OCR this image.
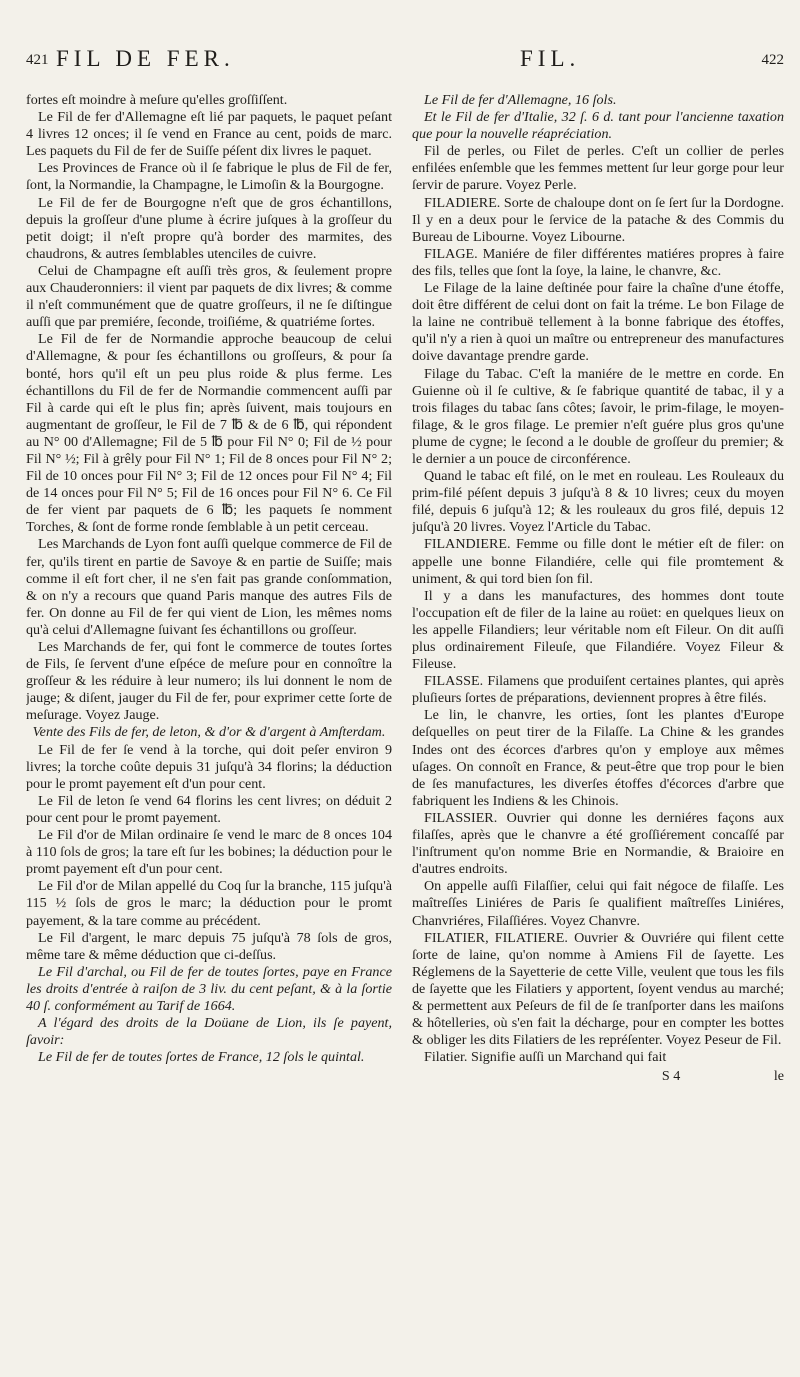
421 FIL DE FER.	FIL.	422

fortes eſt moindre à meſure qu'elles groſſiſſent.

Le Fil de fer d'Allemagne eſt lié par paquets, le paquet peſant 4 livres 12 onces; il ſe vend en France au cent, poids de marc. Les paquets du Fil de fer de Suiſſe péſent dix livres le paquet.

Les Provinces de France où il ſe fabrique le plus de Fil de fer, ſont, la Normandie, la Champagne, le Limoſin & la Bourgogne.

Le Fil de fer de Bourgogne n'eſt que de gros échantillons, depuis la groſſeur d'une plume à écrire juſques à la groſſeur du petit doigt; il n'eſt propre qu'à border des marmites, des chaudrons, & autres ſemblables utenciles de cuivre.

Celui de Champagne eſt auſſi très gros, & ſeulement propre aux Chauderonniers: il vient par paquets de dix livres; & comme il n'eſt communément que de quatre groſſeurs, il ne ſe diſtingue auſſi que par premiére, ſeconde, troiſiéme, & quatriéme ſortes.

Le Fil de fer de Normandie approche beaucoup de celui d'Allemagne, & pour ſes échantillons ou groſſeurs, & pour ſa bonté, hors qu'il eſt un peu plus roide & plus ferme. Les échantillons du Fil de fer de Normandie commencent auſſi par Fil à carde qui eſt le plus fin; après ſuivent, mais toujours en augmentant de groſſeur, le Fil de 7 ℔ & de 6 ℔, qui répondent au N° 00 d'Allemagne; Fil de 5 ℔ pour Fil N° 0; Fil de ½ pour Fil N° ½; Fil à grêly pour Fil N° 1; Fil de 8 onces pour Fil N° 2; Fil de 10 onces pour Fil N° 3; Fil de 12 onces pour Fil N° 4; Fil de 14 onces pour Fil N° 5; Fil de 16 onces pour Fil N° 6. Ce Fil de fer vient par paquets de 6 ℔; les paquets ſe nomment Torches, & ſont de forme ronde ſemblable à un petit cerceau.

Les Marchands de Lyon font auſſi quelque commerce de Fil de fer, qu'ils tirent en partie de Savoye & en partie de Suiſſe; mais comme il eſt fort cher, il ne s'en fait pas grande conſommation, & on n'y a recours que quand Paris manque des autres Fils de fer. On donne au Fil de fer qui vient de Lion, les mêmes noms qu'à celui d'Allemagne ſuivant ſes échantillons ou groſſeur.

Les Marchands de fer, qui font le commerce de toutes ſortes de Fils, ſe ſervent d'une eſpéce de meſure pour en connoître la groſſeur & les réduire à leur numero; ils lui donnent le nom de jauge; & diſent, jauger du Fil de fer, pour exprimer cette ſorte de meſurage. Voyez Jauge.

Vente des Fils de fer, de leton, & d'or & d'argent à Amſterdam.

Le Fil de fer ſe vend à la torche, qui doit peſer environ 9 livres; la torche coûte depuis 31 juſqu'à 34 florins; la déduction pour le promt payement eſt d'un pour cent.

Le Fil de leton ſe vend 64 florins les cent livres; on déduit 2 pour cent pour le promt payement.

Le Fil d'or de Milan ordinaire ſe vend le marc de 8 onces 104 à 110 ſols de gros; la tare eſt ſur les bobines; la déduction pour le promt payement eſt d'un pour cent.

Le Fil d'or de Milan appellé du Coq ſur la branche, 115 juſqu'à 115 ½ ſols de gros le marc; la déduction pour le promt payement, & la tare comme au précédent.

Le Fil d'argent, le marc depuis 75 juſqu'à 78 ſols de gros, même tare & même déduction que ci-deſſus.

Le Fil d'archal, ou Fil de fer de toutes ſortes, paye en France les droits d'entrée à raiſon de 3 liv. du cent peſant, & à la ſortie 40 ſ. conformément au Tarif de 1664.

A l'égard des droits de la Doüane de Lion, ils ſe payent, ſavoir:

Le Fil de fer de toutes ſortes de France, 12 ſols le quintal.

Le Fil de fer d'Allemagne, 16 ſols.

Et le Fil de fer d'Italie, 32 ſ. 6 d. tant pour l'ancienne taxation que pour la nouvelle réapréciation.

Fil de perles, ou Filet de perles. C'eſt un collier de perles enfilées enſemble que les femmes mettent ſur leur gorge pour leur ſervir de parure. Voyez Perle.

FILADIERE. Sorte de chaloupe dont on ſe ſert ſur la Dordogne. Il y en a deux pour le ſervice de la patache & des Commis du Bureau de Libourne. Voyez Libourne.

FILAGE. Maniére de filer différentes matiéres propres à faire des fils, telles que ſont la ſoye, la laine, le chanvre, &c.

Le Filage de la laine deſtinée pour faire la chaîne d'une étoffe, doit être différent de celui dont on fait la tréme. Le bon Filage de la laine ne contribuë tellement à la bonne fabrique des étoffes, qu'il n'y a rien à quoi un maître ou entrepreneur des manufactures doive davantage prendre garde.

Filage du Tabac. C'eſt la maniére de le mettre en corde. En Guienne où il ſe cultive, & ſe fabrique quantité de tabac, il y a trois filages du tabac ſans côtes; ſavoir, le prim-filage, le moyen-filage, & le gros filage. Le premier n'eſt guére plus gros qu'une plume de cygne; le ſecond a le double de groſſeur du premier; & le dernier a un pouce de circonférence.

Quand le tabac eſt filé, on le met en rouleau. Les Rouleaux du prim-filé péſent depuis 3 juſqu'à 8 & 10 livres; ceux du moyen filé, depuis 6 juſqu'à 12; & les rouleaux du gros filé, depuis 12 juſqu'à 20 livres. Voyez l'Article du Tabac.

FILANDIERE. Femme ou fille dont le métier eſt de filer: on appelle une bonne Filandiére, celle qui file promtement & uniment, & qui tord bien ſon fil.

Il y a dans les manufactures, des hommes dont toute l'occupation eſt de filer de la laine au roüet: en quelques lieux on les appelle Filandiers; leur véritable nom eſt Fileur. On dit auſſi plus ordinairement Fileuſe, que Filandiére. Voyez Fileur & Fileuse.

FILASSE. Filamens que produiſent certaines plantes, qui après pluſieurs ſortes de préparations, deviennent propres à être filés.

Le lin, le chanvre, les orties, ſont les plantes d'Europe deſquelles on peut tirer de la Filaſſe. La Chine & les grandes Indes ont des écorces d'arbres qu'on y employe aux mêmes uſages. On connoît en France, & peut-être que trop pour le bien de ſes manufactures, les diverſes étoffes d'écorces d'arbre que fabriquent les Indiens & les Chinois.

FILASSIER. Ouvrier qui donne les derniéres façons aux filaſſes, après que le chanvre a été groſſiérement concaſſé par l'inſtrument qu'on nomme Brie en Normandie, & Braioire en d'autres endroits.

On appelle auſſi Filaſſier, celui qui fait négoce de filaſſe. Les maîtreſſes Liniéres de Paris ſe qualifient maîtreſſes Liniéres, Chanvriéres, Filaſſiéres. Voyez Chanvre.

FILATIER, FILATIERE. Ouvrier & Ouvriére qui filent cette ſorte de laine, qu'on nomme à Amiens Fil de ſayette. Les Réglemens de la Sayetterie de cette Ville, veulent que tous les fils de ſayette que les Filatiers y apportent, ſoyent vendus au marché; & permettent aux Peſeurs de fil de ſe tranſporter dans les maiſons & hôtelleries, où s'en fait la décharge, pour en compter les bottes & obliger les dits Filatiers de les repréſenter. Voyez Peseur de Fil.

Filatier. Signifie auſſi un Marchand qui fait

S 4	le
